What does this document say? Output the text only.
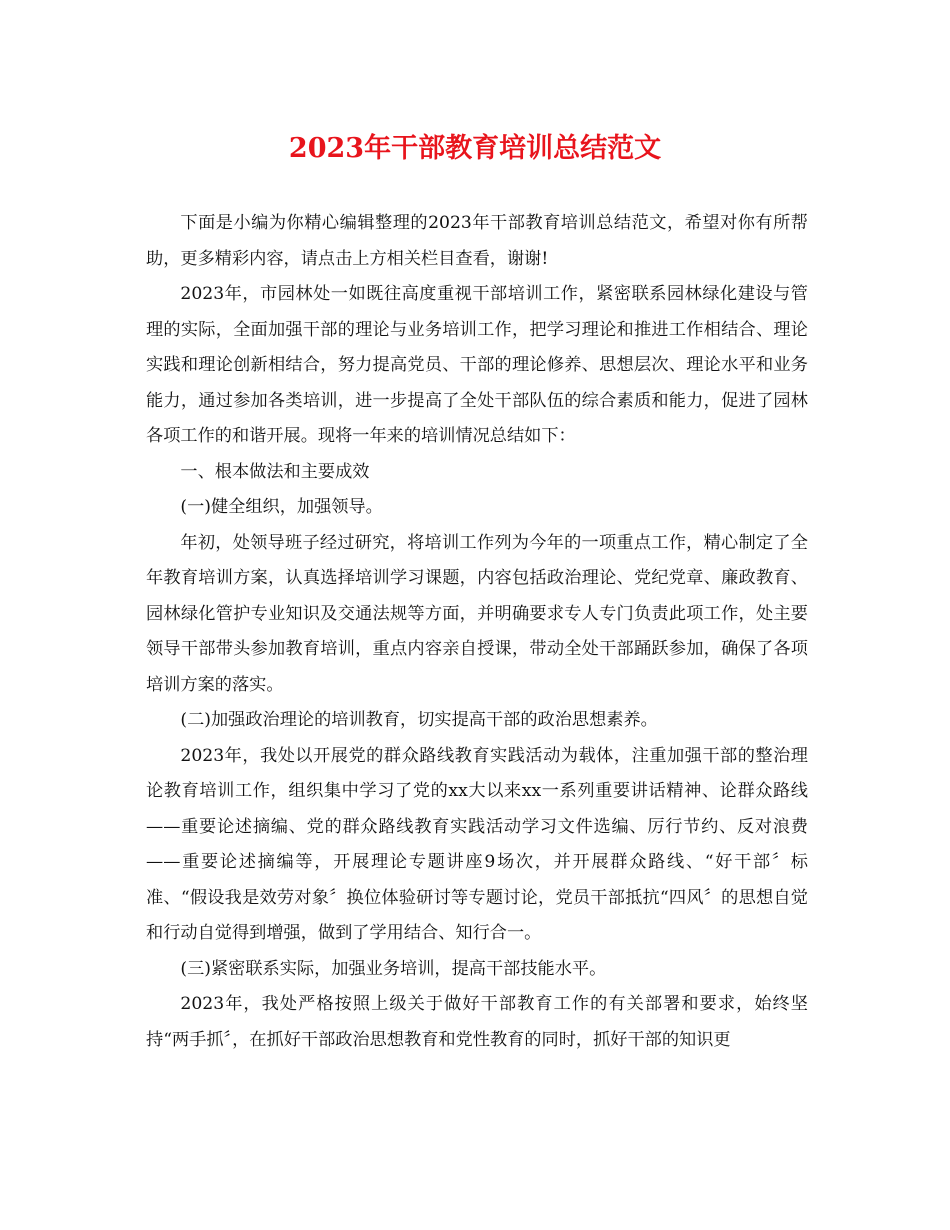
2023年干部教育培训总结范文

下面是小编为你精心编辑整理的2023年干部教育培训总结范文，希望对你有所帮助，更多精彩内容，请点击上方相关栏目查看，谢谢!

2023年，市园林处一如既往高度重视干部培训工作，紧密联系园林绿化建设与管理的实际，全面加强干部的理论与业务培训工作，把学习理论和推进工作相结合、理论实践和理论创新相结合，努力提高党员、干部的理论修养、思想层次、理论水平和业务能力，通过参加各类培训，进一步提高了全处干部队伍的综合素质和能力，促进了园林各项工作的和谐开展。现将一年来的培训情况总结如下：

一、根本做法和主要成效

(一)健全组织，加强领导。

年初，处领导班子经过研究，将培训工作列为今年的一项重点工作，精心制定了全年教育培训方案，认真选择培训学习课题，内容包括政治理论、党纪党章、廉政教育、园林绿化管护专业知识及交通法规等方面，并明确要求专人专门负责此项工作，处主要领导干部带头参加教育培训，重点内容亲自授课，带动全处干部踊跃参加，确保了各项培训方案的落实。

(二)加强政治理论的培训教育，切实提高干部的政治思想素养。

2023年，我处以开展党的群众路线教育实践活动为载体，注重加强干部的整治理论教育培训工作，组织集中学习了党的xx大以来xx一系列重要讲话精神、论群众路线——重要论述摘编、党的群众路线教育实践活动学习文件选编、厉行节约、反对浪费——重要论述摘编等，开展理论专题讲座9场次，并开展群众路线、“好干部〞标准、“假设我是效劳对象〞换位体验研讨等专题讨论，党员干部抵抗“四风〞的思想自觉和行动自觉得到增强，做到了学用结合、知行合一。

(三)紧密联系实际，加强业务培训，提高干部技能水平。

2023年，我处严格按照上级关于做好干部教育工作的有关部署和要求，始终坚持“两手抓〞，在抓好干部政治思想教育和党性教育的同时，抓好干部的知识更
